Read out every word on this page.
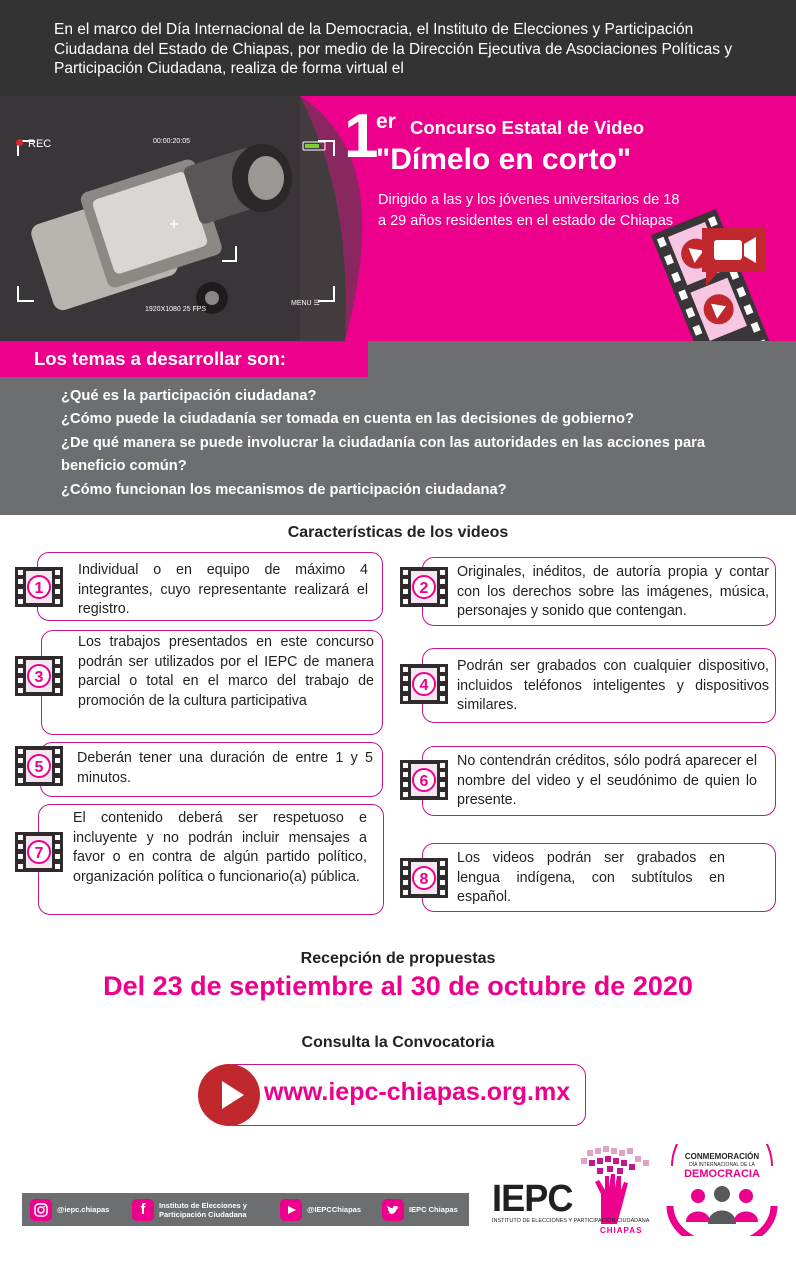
En el marco del Día Internacional de la Democracia, el Instituto de Elecciones y Participación Ciudadana del Estado de Chiapas, por medio de la Dirección Ejecutiva de Asociaciones Políticas y Participación Ciudadana, realiza de forma virtual el

REC	00:00:20:05
1920X1080 25 FPS
MENU ☰
1
er Concurso Estatal de Video
"Dímelo en corto"

Dirigido a las y los jóvenes universitarios de 18 a 29 años residentes en el estado de Chiapas

Los temas a desarrollar son:
¿Qué es la participación ciudadana?
¿Cómo puede la ciudadanía ser tomada en cuenta en las decisiones de gobierno?
¿De qué manera se puede involucrar la ciudadanía con las autoridades en las acciones para beneficio común?
¿Cómo funcionan los mecanismos de participación ciudadana?
Características de los videos
Individual o en equipo de máximo 4 integrantes, cuyo representante realizará el registro.
Los trabajos presentados en este concurso podrán ser utilizados por el IEPC de manera parcial o total en el marco del trabajo de promoción de la cultura participativa
Deberán tener una duración de entre 1 y 5 minutos.
El contenido deberá ser respetuoso e incluyente y no podrán incluir mensajes a favor o en contra de algún partido político, organización política o funcionario(a) pública.
Originales, inéditos, de autoría propia y contar con los derechos sobre las imágenes, música, personajes y sonido que contengan.
Podrán ser grabados con cualquier dispositivo, incluidos teléfonos inteligentes y dispositivos similares.
No contendrán créditos, sólo podrá aparecer el nombre del video y el seudónimo de quien lo presente.
Los videos podrán ser grabados en lengua indígena, con subtítulos en español.
1	2
3	4
5
6
7
8
Recepción de propuestas
Del 23 de septiembre al 30 de octubre de 2020
Consulta la Convocatoria
www.iepc-chiapas.org.mx
@iepc.chiapas	f	Instituto de Elecciones y Participación Ciudadana	@IEPCChiapas	IEPC Chiapas IEPC
INSTITUTO DE ELECCIONES Y PARTICIPACIÓN CIUDADANA
CHIAPAS
CONMEMORACIÓN
DÍA INTERNACIONAL DE LA
DEMOCRACIA
